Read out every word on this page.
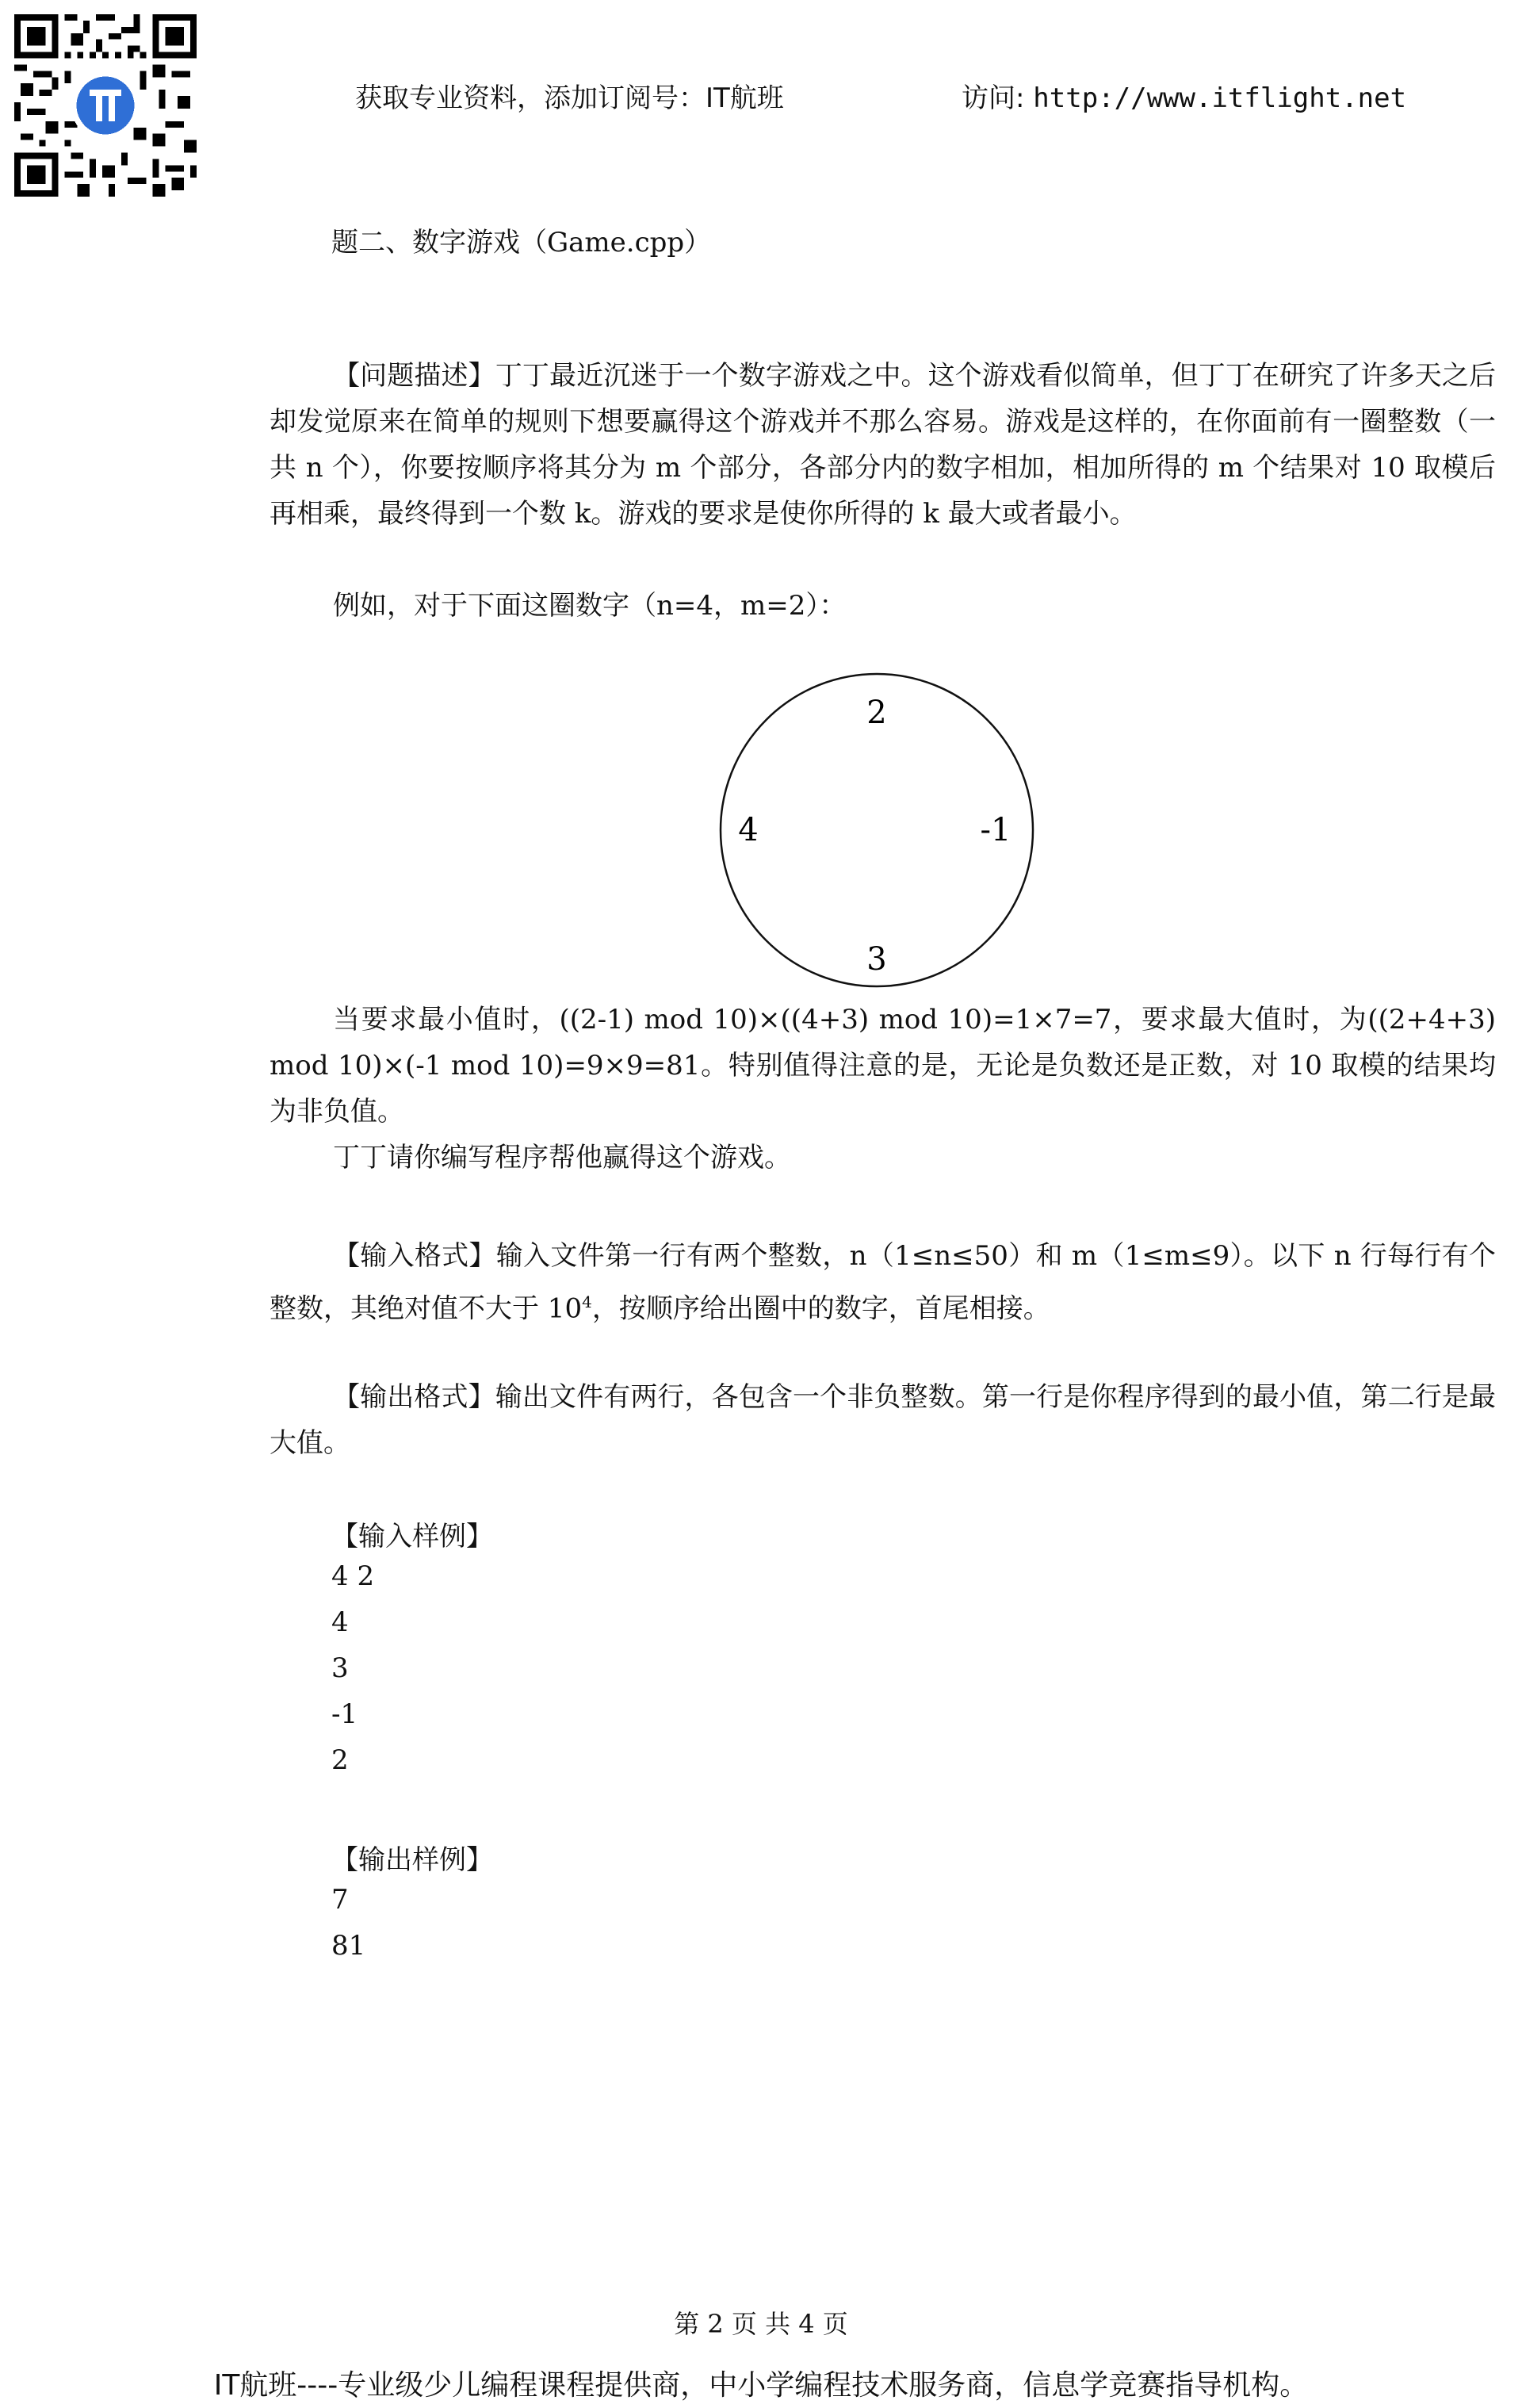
获取专业资料，添加订阅号：IT航班	访问: http://www.itflight.net
题二、数字游戏（Game.cpp）
【问题描述】丁丁最近沉迷于一个数字游戏之中。这个游戏看似简单，但丁丁在研究了许多天之后却发觉原来在简单的规则下想要赢得这个游戏并不那么容易。游戏是这样的，在你面前有一圈整数（一共 n 个），你要按顺序将其分为 m 个部分，各部分内的数字相加，相加所得的 m 个结果对 10 取模后再相乘，最终得到一个数 k。游戏的要求是使你所得的 k 最大或者最小。
例如，对于下面这圈数字（n=4，m=2）：
2
-1
3
4
当要求最小值时，((2-1) mod 10)×((4+3) mod 10)=1×7=7，要求最大值时，为((2+4+3) mod 10)×(-1 mod 10)=9×9=81。特别值得注意的是，无论是负数还是正数，对 10 取模的结果均为非负值。
丁丁请你编写程序帮他赢得这个游戏。
【输入格式】输入文件第一行有两个整数，n（1≤n≤50）和 m（1≤m≤9）。以下 n 行每行有个整数，其绝对值不大于 $10^4$，按顺序给出圈中的数字，首尾相接。
【输出格式】输出文件有两行，各包含一个非负整数。第一行是你程序得到的最小值，第二行是最大值。
【输入样例】
4 2
4
3
-1
2
【输出样例】
7
81
第 2 页 共 4 页
IT航班----专业级少儿编程课程提供商，中小学编程技术服务商，信息学竞赛指导机构。
